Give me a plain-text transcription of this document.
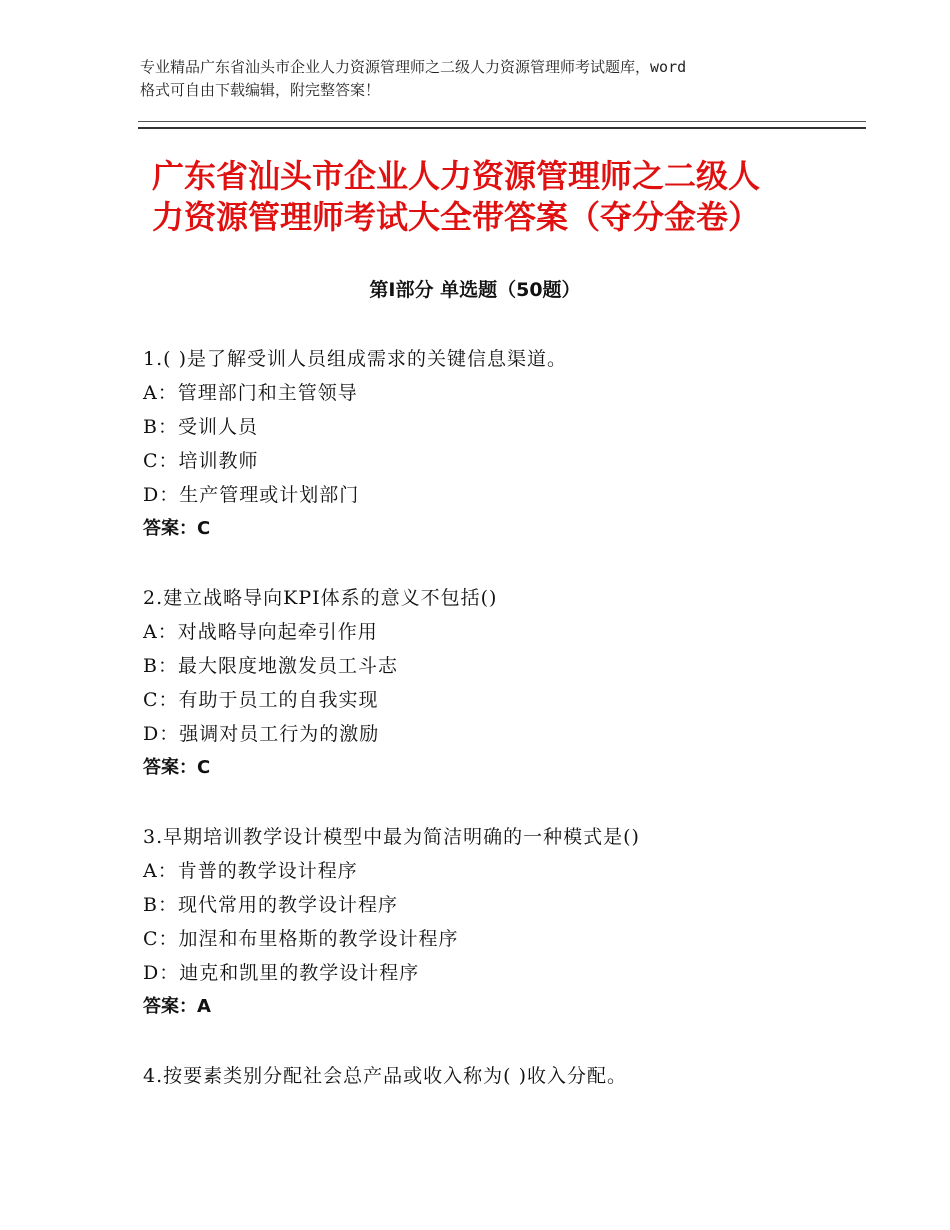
专业精品广东省汕头市企业人力资源管理师之二级人力资源管理师考试题库，word
格式可自由下载编辑，附完整答案！
广东省汕头市企业人力资源管理师之二级人
力资源管理师考试大全带答案（夺分金卷）
第Ⅰ部分 单选题（50题）
1.( )是了解受训人员组成需求的关键信息渠道。
A：管理部门和主管领导
B：受训人员
C：培训教师
D：生产管理或计划部门
答案：C
2.建立战略导向KPI体系的意义不包括()
A：对战略导向起牵引作用
B：最大限度地激发员工斗志
C：有助于员工的自我实现
D：强调对员工行为的激励
答案：C
3.早期培训教学设计模型中最为简洁明确的一种模式是()
A：肯普的教学设计程序
B：现代常用的教学设计程序
C：加涅和布里格斯的教学设计程序
D：迪克和凯里的教学设计程序
答案：A
4.按要素类别分配社会总产品或收入称为( )收入分配。
